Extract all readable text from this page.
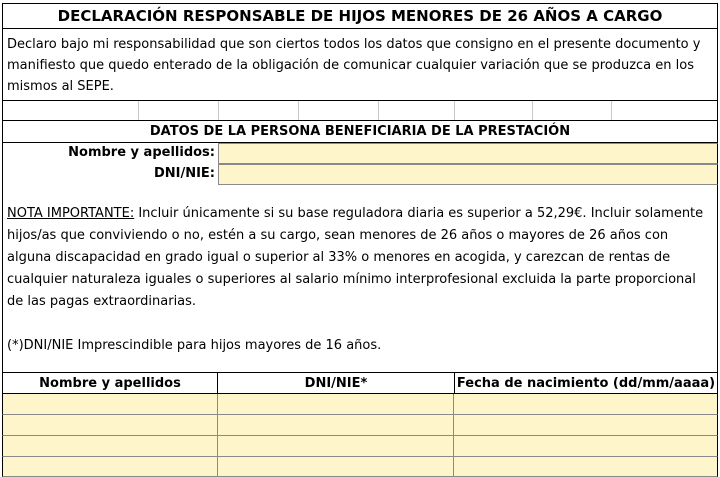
DECLARACIÓN RESPONSABLE DE HIJOS MENORES DE 26 AÑOS A CARGO
Declaro bajo mi responsabilidad que son ciertos todos los datos que consigno en el presente documento y manifiesto que quedo enterado de la obligación de comunicar cualquier variación que se produzca en los mismos al SEPE.
DATOS DE LA PERSONA BENEFICIARIA DE LA PRESTACIÓN
Nombre y apellidos:
DNI/NIE:

NOTA IMPORTANTE: Incluir únicamente si su base reguladora diaria es superior a 52,29€. Incluir solamente hijos/as que conviviendo o no, estén a su cargo, sean menores de 26 años o mayores de 26 años con alguna discapacidad en grado igual o superior al 33% o menores en acogida, y carezcan de rentas de cualquier naturaleza iguales o superiores al salario mínimo interprofesional excluida la parte proporcional de las pagas extraordinarias.

(*)DNI/NIE Imprescindible para hijos mayores de 16 años.

Nombre y apellidos	DNI/NIE*	Fecha de nacimiento (dd/mm/aaaa)
